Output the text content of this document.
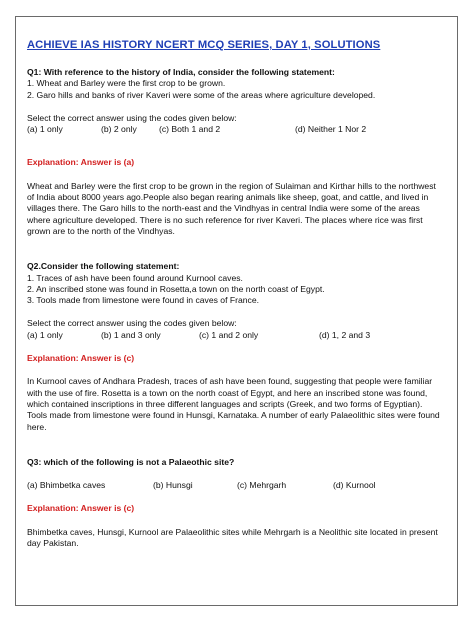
ACHIEVE IAS HISTORY NCERT MCQ SERIES, DAY 1, SOLUTIONS
Q1: With reference to the history of India, consider the following statement:
1. Wheat and Barley were the first crop to be grown.
2. Garo hills and banks of river Kaveri were some of the areas where agriculture developed.
Select the correct answer using the codes given below:
(a) 1 only	(b) 2 only	(c) Both 1 and 2	(d) Neither 1 Nor 2
Explanation: Answer is (a)

Wheat and Barley were the first crop to be grown in the region of Sulaiman and Kirthar hills to the northwest of India about 8000 years ago.People also began rearing animals like sheep, goat, and cattle, and lived in villages there. The Garo hills to the north-east and the Vindhyas in central India were some of the areas where agriculture developed. There is no such reference for river Kaveri. The places where rice was first grown are to the north of the Vindhyas.

Q2.Consider the following statement:
1. Traces of ash have been found around Kurnool caves.
2. An inscribed stone was found in Rosetta,a town on the north coast of Egypt.
3. Tools made from limestone were found in caves of France.
Select the correct answer using the codes given below:
(a) 1 only	(b) 1 and 3 only	(c) 1 and 2 only	(d) 1, 2 and 3
Explanation: Answer is (c)

In Kurnool caves of Andhara Pradesh, traces of ash have been found, suggesting that people were familiar with the use of fire. Rosetta is a town on the north coast of Egypt, and here an inscribed stone was found, which contained inscriptions in three different languages and scripts (Greek, and two forms of Egyptian). Tools made from limestone were found in Hunsgi, Karnataka. A number of early Palaeolithic sites were found here.

Q3: which of the following is not a Palaeothic site?
(a) Bhimbetka caves	(b) Hunsgi	(c) Mehrgarh	(d) Kurnool
Explanation: Answer is (c)

Bhimbetka caves, Hunsgi, Kurnool are Palaeolithic sites while Mehrgarh is a Neolithic site located in present day Pakistan.
